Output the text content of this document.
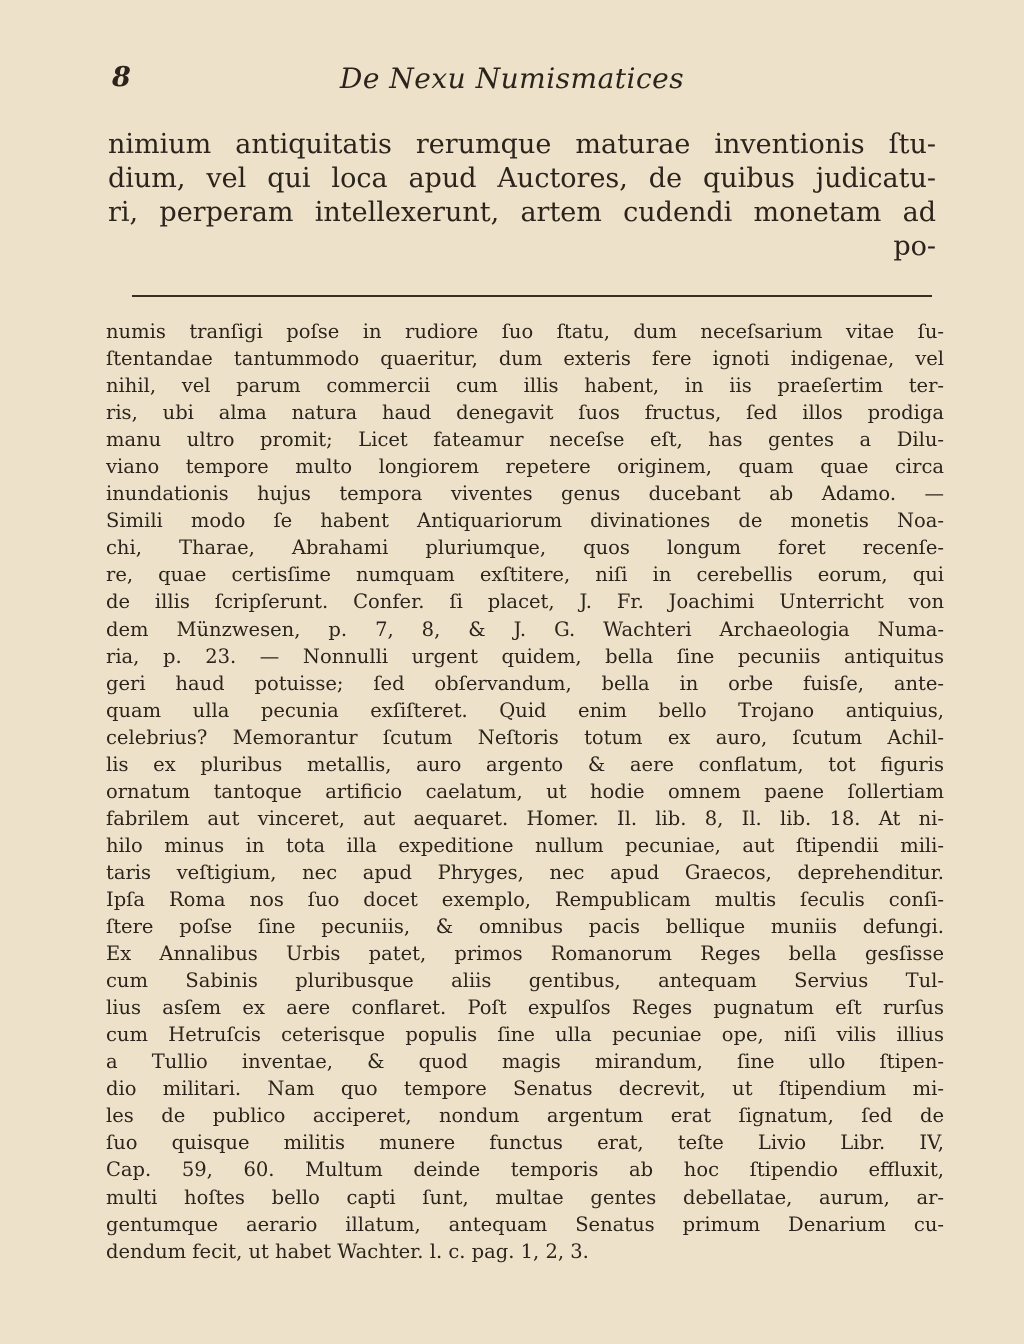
8	De Nexu Numismatices
nimium antiquitatis rerumque maturae inventionis ſtu-
dium, vel qui loca apud Auctores, de quibus judicatu-
ri, perperam intellexerunt, artem cudendi monetam ad
po-
numis tranſigi poſse in rudiore ſuo ſtatu, dum neceſsarium vitae ſu-
ſtentandae tantummodo quaeritur, dum exteris fere ignoti indigenae, vel
nihil, vel parum commercii cum illis habent, in iis praeſertim ter-
ris, ubi alma natura haud denegavit ſuos fructus, ſed illos prodiga
manu ultro promit; Licet fateamur neceſse eſt, has gentes a Dilu-
viano tempore multo longiorem repetere originem, quam quae circa
inundationis hujus tempora viventes genus ducebant ab Adamo. —
Simili modo ſe habent Antiquariorum divinationes de monetis Noa-
chi, Tharae, Abrahami pluriumque, quos longum foret recenſe-
re, quae certisſime numquam exſtitere, niſi in cerebellis eorum, qui
de illis ſcripſerunt. Confer. ſi placet, J. Fr. Joachimi Unterricht von
dem Münzwesen, p. 7, 8, & J. G. Wachteri Archaeologia Numa-
ria, p. 23. — Nonnulli urgent quidem, bella ſine pecuniis antiquitus
geri haud potuisse; ſed obſervandum, bella in orbe fuisſe, ante-
quam ulla pecunia exſiſteret. Quid enim bello Trojano antiquius,
celebrius? Memorantur ſcutum Neſtoris totum ex auro, ſcutum Achil-
lis ex pluribus metallis, auro argento & aere conflatum, tot figuris
ornatum tantoque artificio caelatum, ut hodie omnem paene ſollertiam
fabrilem aut vinceret, aut aequaret. Homer. Il. lib. 8, Il. lib. 18. At ni-
hilo minus in tota illa expeditione nullum pecuniae, aut ſtipendii mili-
taris veſtigium, nec apud Phryges, nec apud Graecos, deprehenditur.
Ipſa Roma nos ſuo docet exemplo, Rempublicam multis ſeculis conſi-
ſtere poſse ſine pecuniis, & omnibus pacis bellique muniis defungi.
Ex Annalibus Urbis patet, primos Romanorum Reges bella gesſisse
cum Sabinis pluribusque aliis gentibus, antequam Servius Tul-
lius asſem ex aere conflaret. Poſt expulſos Reges pugnatum eſt rurſus
cum Hetruſcis ceterisque populis ſine ulla pecuniae ope, niſi vilis illius
a Tullio inventae, & quod magis mirandum, ſine ullo ſtipen-
dio militari. Nam quo tempore Senatus decrevit, ut ſtipendium mi-
les de publico acciperet, nondum argentum erat ſignatum, ſed de
ſuo quisque militis munere functus erat, teſte Livio Libr. IV,
Cap. 59, 60. Multum deinde temporis ab hoc ſtipendio effluxit,
multi hoſtes bello capti ſunt, multae gentes debellatae, aurum, ar-
gentumque aerario illatum, antequam Senatus primum Denarium cu-
dendum fecit, ut habet Wachter. l. c. pag. 1, 2, 3.
